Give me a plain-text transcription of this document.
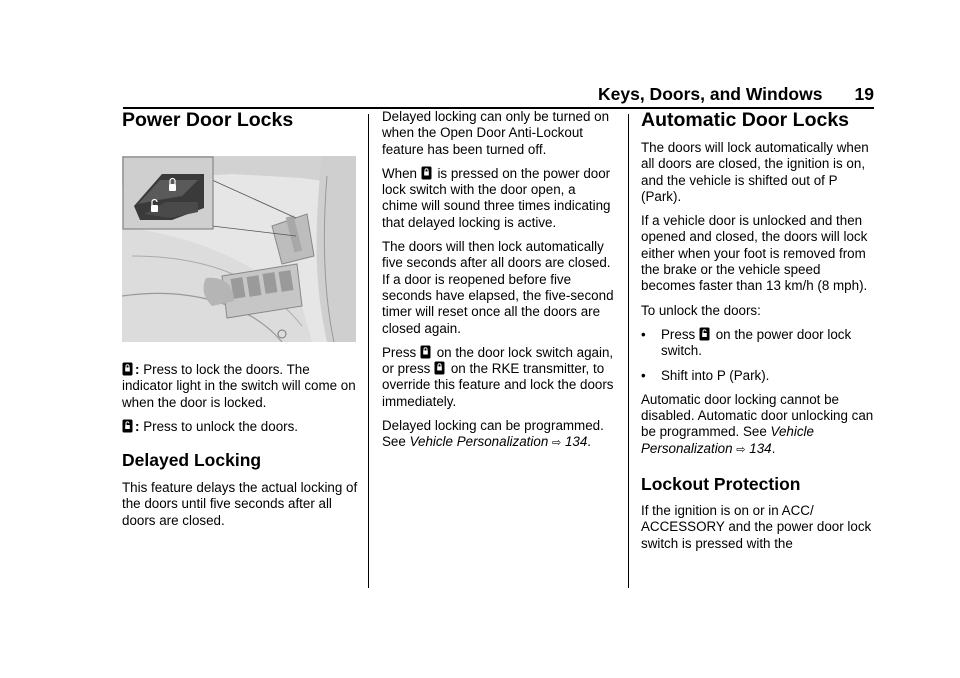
Keys, Doors, and Windows 19
Power Door Locks

: Press to lock the doors. The indicator light in the switch will come on when the door is locked.

: Press to unlock the doors.

Delayed Locking

This feature delays the actual locking of the doors until five seconds after all doors are closed.

Delayed locking can only be turned on when the Open Door Anti-Lockout feature has been turned off.

When is pressed on the power door lock switch with the door open, a chime will sound three times indicating that delayed locking is active.

The doors will then lock automatically five seconds after all doors are closed. If a door is reopened before five seconds have elapsed, the five-second timer will reset once all the doors are closed again.

Press on the door lock switch again, or press on the RKE transmitter, to override this feature and lock the doors immediately.

Delayed locking can be programmed. See Vehicle Personalization ⇨ 134.

Automatic Door Locks

The doors will lock automatically when all doors are closed, the ignition is on, and the vehicle is shifted out of P (Park).

If a vehicle door is unlocked and then opened and closed, the doors will lock either when your foot is removed from the brake or the vehicle speed becomes faster than 13 km/h (8 mph).

To unlock the doors:

• Press on the power door lock switch.

• Shift into P (Park).

Automatic door locking cannot be disabled. Automatic door unlocking can be programmed. See Vehicle Personalization ⇨ 134.

Lockout Protection

If the ignition is on or in ACC/ ACCESSORY and the power door lock switch is pressed with the
